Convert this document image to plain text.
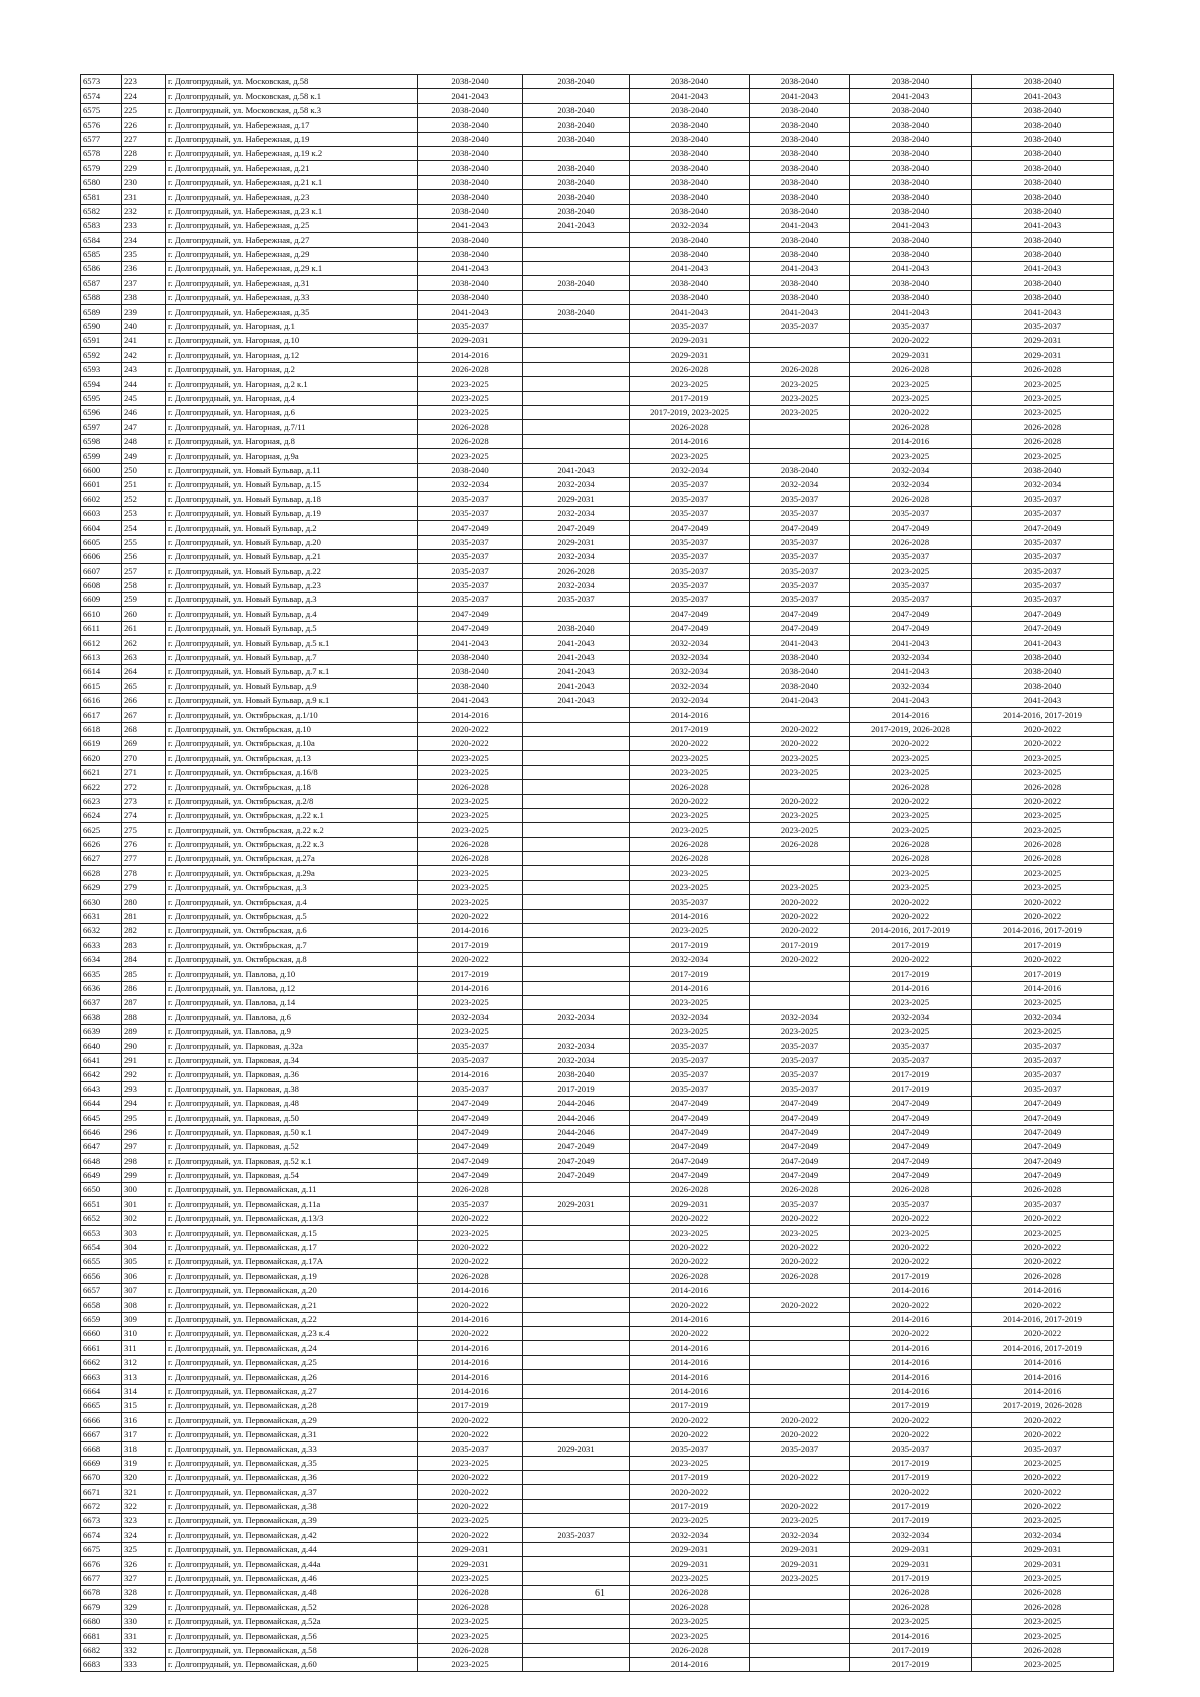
6573	223	г. Долгопрудный, ул. Московская, д.58	2038-2040	2038-2040	2038-2040	2038-2040	2038-2040	2038-2040
6574	224	г. Долгопрудный, ул. Московская, д.58 к.1	2041-2043		2041-2043	2041-2043	2041-2043	2041-2043
6575	225	г. Долгопрудный, ул. Московская, д.58 к.3	2038-2040	2038-2040	2038-2040	2038-2040	2038-2040	2038-2040
6576	226	г. Долгопрудный, ул. Набережная, д.17	2038-2040	2038-2040	2038-2040	2038-2040	2038-2040	2038-2040
6577	227	г. Долгопрудный, ул. Набережная, д.19	2038-2040	2038-2040	2038-2040	2038-2040	2038-2040	2038-2040
6578	228	г. Долгопрудный, ул. Набережная, д.19 к.2	2038-2040		2038-2040	2038-2040	2038-2040	2038-2040
6579	229	г. Долгопрудный, ул. Набережная, д.21	2038-2040	2038-2040	2038-2040	2038-2040	2038-2040	2038-2040
6580	230	г. Долгопрудный, ул. Набережная, д.21 к.1	2038-2040	2038-2040	2038-2040	2038-2040	2038-2040	2038-2040
6581	231	г. Долгопрудный, ул. Набережная, д.23	2038-2040	2038-2040	2038-2040	2038-2040	2038-2040	2038-2040
6582	232	г. Долгопрудный, ул. Набережная, д.23 к.1	2038-2040	2038-2040	2038-2040	2038-2040	2038-2040	2038-2040
6583	233	г. Долгопрудный, ул. Набережная, д.25	2041-2043	2041-2043	2032-2034	2041-2043	2041-2043	2041-2043
6584	234	г. Долгопрудный, ул. Набережная, д.27	2038-2040		2038-2040	2038-2040	2038-2040	2038-2040
6585	235	г. Долгопрудный, ул. Набережная, д.29	2038-2040		2038-2040	2038-2040	2038-2040	2038-2040
6586	236	г. Долгопрудный, ул. Набережная, д.29 к.1	2041-2043		2041-2043	2041-2043	2041-2043	2041-2043
6587	237	г. Долгопрудный, ул. Набережная, д.31	2038-2040	2038-2040	2038-2040	2038-2040	2038-2040	2038-2040
6588	238	г. Долгопрудный, ул. Набережная, д.33	2038-2040		2038-2040	2038-2040	2038-2040	2038-2040
6589	239	г. Долгопрудный, ул. Набережная, д.35	2041-2043	2038-2040	2041-2043	2041-2043	2041-2043	2041-2043
6590	240	г. Долгопрудный, ул. Нагорная, д.1	2035-2037		2035-2037	2035-2037	2035-2037	2035-2037
6591	241	г. Долгопрудный, ул. Нагорная, д.10	2029-2031		2029-2031		2020-2022	2029-2031
6592	242	г. Долгопрудный, ул. Нагорная, д.12	2014-2016		2029-2031		2029-2031	2029-2031
6593	243	г. Долгопрудный, ул. Нагорная, д.2	2026-2028		2026-2028	2026-2028	2026-2028	2026-2028
6594	244	г. Долгопрудный, ул. Нагорная, д.2 к.1	2023-2025		2023-2025	2023-2025	2023-2025	2023-2025
6595	245	г. Долгопрудный, ул. Нагорная, д.4	2023-2025		2017-2019	2023-2025	2023-2025	2023-2025
6596	246	г. Долгопрудный, ул. Нагорная, д.6	2023-2025		2017-2019, 2023-2025	2023-2025	2020-2022	2023-2025
6597	247	г. Долгопрудный, ул. Нагорная, д.7/11	2026-2028		2026-2028		2026-2028	2026-2028
6598	248	г. Долгопрудный, ул. Нагорная, д.8	2026-2028		2014-2016		2014-2016	2026-2028
6599	249	г. Долгопрудный, ул. Нагорная, д.9а	2023-2025		2023-2025		2023-2025	2023-2025
6600	250	г. Долгопрудный, ул. Новый Бульвар, д.11	2038-2040	2041-2043	2032-2034	2038-2040	2032-2034	2038-2040
6601	251	г. Долгопрудный, ул. Новый Бульвар, д.15	2032-2034	2032-2034	2035-2037	2032-2034	2032-2034	2032-2034
6602	252	г. Долгопрудный, ул. Новый Бульвар, д.18	2035-2037	2029-2031	2035-2037	2035-2037	2026-2028	2035-2037
6603	253	г. Долгопрудный, ул. Новый Бульвар, д.19	2035-2037	2032-2034	2035-2037	2035-2037	2035-2037	2035-2037
6604	254	г. Долгопрудный, ул. Новый Бульвар, д.2	2047-2049	2047-2049	2047-2049	2047-2049	2047-2049	2047-2049
6605	255	г. Долгопрудный, ул. Новый Бульвар, д.20	2035-2037	2029-2031	2035-2037	2035-2037	2026-2028	2035-2037
6606	256	г. Долгопрудный, ул. Новый Бульвар, д.21	2035-2037	2032-2034	2035-2037	2035-2037	2035-2037	2035-2037
6607	257	г. Долгопрудный, ул. Новый Бульвар, д.22	2035-2037	2026-2028	2035-2037	2035-2037	2023-2025	2035-2037
6608	258	г. Долгопрудный, ул. Новый Бульвар, д.23	2035-2037	2032-2034	2035-2037	2035-2037	2035-2037	2035-2037
6609	259	г. Долгопрудный, ул. Новый Бульвар, д.3	2035-2037	2035-2037	2035-2037	2035-2037	2035-2037	2035-2037
6610	260	г. Долгопрудный, ул. Новый Бульвар, д.4	2047-2049		2047-2049	2047-2049	2047-2049	2047-2049
6611	261	г. Долгопрудный, ул. Новый Бульвар, д.5	2047-2049	2038-2040	2047-2049	2047-2049	2047-2049	2047-2049
6612	262	г. Долгопрудный, ул. Новый Бульвар, д.5 к.1	2041-2043	2041-2043	2032-2034	2041-2043	2041-2043	2041-2043
6613	263	г. Долгопрудный, ул. Новый Бульвар, д.7	2038-2040	2041-2043	2032-2034	2038-2040	2032-2034	2038-2040
6614	264	г. Долгопрудный, ул. Новый Бульвар, д.7 к.1	2038-2040	2041-2043	2032-2034	2038-2040	2041-2043	2038-2040
6615	265	г. Долгопрудный, ул. Новый Бульвар, д.9	2038-2040	2041-2043	2032-2034	2038-2040	2032-2034	2038-2040
6616	266	г. Долгопрудный, ул. Новый Бульвар, д.9 к.1	2041-2043	2041-2043	2032-2034	2041-2043	2041-2043	2041-2043
6617	267	г. Долгопрудный, ул. Октябрьская, д.1/10	2014-2016		2014-2016		2014-2016	2014-2016, 2017-2019
6618	268	г. Долгопрудный, ул. Октябрьская, д.10	2020-2022		2017-2019	2020-2022	2017-2019, 2026-2028	2020-2022
6619	269	г. Долгопрудный, ул. Октябрьская, д.10а	2020-2022		2020-2022	2020-2022	2020-2022	2020-2022
6620	270	г. Долгопрудный, ул. Октябрьская, д.13	2023-2025		2023-2025	2023-2025	2023-2025	2023-2025
6621	271	г. Долгопрудный, ул. Октябрьская, д.16/8	2023-2025		2023-2025	2023-2025	2023-2025	2023-2025
6622	272	г. Долгопрудный, ул. Октябрьская, д.18	2026-2028		2026-2028		2026-2028	2026-2028
6623	273	г. Долгопрудный, ул. Октябрьская, д.2/8	2023-2025		2020-2022	2020-2022	2020-2022	2020-2022
6624	274	г. Долгопрудный, ул. Октябрьская, д.22 к.1	2023-2025		2023-2025	2023-2025	2023-2025	2023-2025
6625	275	г. Долгопрудный, ул. Октябрьская, д.22 к.2	2023-2025		2023-2025	2023-2025	2023-2025	2023-2025
6626	276	г. Долгопрудный, ул. Октябрьская, д.22 к.3	2026-2028		2026-2028	2026-2028	2026-2028	2026-2028
6627	277	г. Долгопрудный, ул. Октябрьская, д.27а	2026-2028		2026-2028		2026-2028	2026-2028
6628	278	г. Долгопрудный, ул. Октябрьская, д.29а	2023-2025		2023-2025		2023-2025	2023-2025
6629	279	г. Долгопрудный, ул. Октябрьская, д.3	2023-2025		2023-2025	2023-2025	2023-2025	2023-2025
6630	280	г. Долгопрудный, ул. Октябрьская, д.4	2023-2025		2035-2037	2020-2022	2020-2022	2020-2022
6631	281	г. Долгопрудный, ул. Октябрьская, д.5	2020-2022		2014-2016	2020-2022	2020-2022	2020-2022
6632	282	г. Долгопрудный, ул. Октябрьская, д.6	2014-2016		2023-2025	2020-2022	2014-2016, 2017-2019	2014-2016, 2017-2019
6633	283	г. Долгопрудный, ул. Октябрьская, д.7	2017-2019		2017-2019	2017-2019	2017-2019	2017-2019
6634	284	г. Долгопрудный, ул. Октябрьская, д.8	2020-2022		2032-2034	2020-2022	2020-2022	2020-2022
6635	285	г. Долгопрудный, ул. Павлова, д.10	2017-2019		2017-2019		2017-2019	2017-2019
6636	286	г. Долгопрудный, ул. Павлова, д.12	2014-2016		2014-2016		2014-2016	2014-2016
6637	287	г. Долгопрудный, ул. Павлова, д.14	2023-2025		2023-2025		2023-2025	2023-2025
6638	288	г. Долгопрудный, ул. Павлова, д.6	2032-2034	2032-2034	2032-2034	2032-2034	2032-2034	2032-2034
6639	289	г. Долгопрудный, ул. Павлова, д.9	2023-2025		2023-2025	2023-2025	2023-2025	2023-2025
6640	290	г. Долгопрудный, ул. Парковая, д.32а	2035-2037	2032-2034	2035-2037	2035-2037	2035-2037	2035-2037
6641	291	г. Долгопрудный, ул. Парковая, д.34	2035-2037	2032-2034	2035-2037	2035-2037	2035-2037	2035-2037
6642	292	г. Долгопрудный, ул. Парковая, д.36	2014-2016	2038-2040	2035-2037	2035-2037	2017-2019	2035-2037
6643	293	г. Долгопрудный, ул. Парковая, д.38	2035-2037	2017-2019	2035-2037	2035-2037	2017-2019	2035-2037
6644	294	г. Долгопрудный, ул. Парковая, д.48	2047-2049	2044-2046	2047-2049	2047-2049	2047-2049	2047-2049
6645	295	г. Долгопрудный, ул. Парковая, д.50	2047-2049	2044-2046	2047-2049	2047-2049	2047-2049	2047-2049
6646	296	г. Долгопрудный, ул. Парковая, д.50 к.1	2047-2049	2044-2046	2047-2049	2047-2049	2047-2049	2047-2049
6647	297	г. Долгопрудный, ул. Парковая, д.52	2047-2049	2047-2049	2047-2049	2047-2049	2047-2049	2047-2049
6648	298	г. Долгопрудный, ул. Парковая, д.52 к.1	2047-2049	2047-2049	2047-2049	2047-2049	2047-2049	2047-2049
6649	299	г. Долгопрудный, ул. Парковая, д.54	2047-2049	2047-2049	2047-2049	2047-2049	2047-2049	2047-2049
6650	300	г. Долгопрудный, ул. Первомайская, д.11	2026-2028		2026-2028	2026-2028	2026-2028	2026-2028
6651	301	г. Долгопрудный, ул. Первомайская, д.11а	2035-2037	2029-2031	2029-2031	2035-2037	2035-2037	2035-2037
6652	302	г. Долгопрудный, ул. Первомайская, д.13/3	2020-2022		2020-2022	2020-2022	2020-2022	2020-2022
6653	303	г. Долгопрудный, ул. Первомайская, д.15	2023-2025		2023-2025	2023-2025	2023-2025	2023-2025
6654	304	г. Долгопрудный, ул. Первомайская, д.17	2020-2022		2020-2022	2020-2022	2020-2022	2020-2022
6655	305	г. Долгопрудный, ул. Первомайская, д.17А	2020-2022		2020-2022	2020-2022	2020-2022	2020-2022
6656	306	г. Долгопрудный, ул. Первомайская, д.19	2026-2028		2026-2028	2026-2028	2017-2019	2026-2028
6657	307	г. Долгопрудный, ул. Первомайская, д.20	2014-2016		2014-2016		2014-2016	2014-2016
6658	308	г. Долгопрудный, ул. Первомайская, д.21	2020-2022		2020-2022	2020-2022	2020-2022	2020-2022
6659	309	г. Долгопрудный, ул. Первомайская, д.22	2014-2016		2014-2016		2014-2016	2014-2016, 2017-2019
6660	310	г. Долгопрудный, ул. Первомайская, д.23 к.4	2020-2022		2020-2022		2020-2022	2020-2022
6661	311	г. Долгопрудный, ул. Первомайская, д.24	2014-2016		2014-2016		2014-2016	2014-2016, 2017-2019
6662	312	г. Долгопрудный, ул. Первомайская, д.25	2014-2016		2014-2016		2014-2016	2014-2016
6663	313	г. Долгопрудный, ул. Первомайская, д.26	2014-2016		2014-2016		2014-2016	2014-2016
6664	314	г. Долгопрудный, ул. Первомайская, д.27	2014-2016		2014-2016		2014-2016	2014-2016
6665	315	г. Долгопрудный, ул. Первомайская, д.28	2017-2019		2017-2019		2017-2019	2017-2019, 2026-2028
6666	316	г. Долгопрудный, ул. Первомайская, д.29	2020-2022		2020-2022	2020-2022	2020-2022	2020-2022
6667	317	г. Долгопрудный, ул. Первомайская, д.31	2020-2022		2020-2022	2020-2022	2020-2022	2020-2022
6668	318	г. Долгопрудный, ул. Первомайская, д.33	2035-2037	2029-2031	2035-2037	2035-2037	2035-2037	2035-2037
6669	319	г. Долгопрудный, ул. Первомайская, д.35	2023-2025		2023-2025		2017-2019	2023-2025
6670	320	г. Долгопрудный, ул. Первомайская, д.36	2020-2022		2017-2019	2020-2022	2017-2019	2020-2022
6671	321	г. Долгопрудный, ул. Первомайская, д.37	2020-2022		2020-2022		2020-2022	2020-2022
6672	322	г. Долгопрудный, ул. Первомайская, д.38	2020-2022		2017-2019	2020-2022	2017-2019	2020-2022
6673	323	г. Долгопрудный, ул. Первомайская, д.39	2023-2025		2023-2025	2023-2025	2017-2019	2023-2025
6674	324	г. Долгопрудный, ул. Первомайская, д.42	2020-2022	2035-2037	2032-2034	2032-2034	2032-2034	2032-2034
6675	325	г. Долгопрудный, ул. Первомайская, д.44	2029-2031		2029-2031	2029-2031	2029-2031	2029-2031
6676	326	г. Долгопрудный, ул. Первомайская, д.44а	2029-2031		2029-2031	2029-2031	2029-2031	2029-2031
6677	327	г. Долгопрудный, ул. Первомайская, д.46	2023-2025		2023-2025	2023-2025	2017-2019	2023-2025
6678	328	г. Долгопрудный, ул. Первомайская, д.48	2026-2028		2026-2028		2026-2028	2026-2028
6679	329	г. Долгопрудный, ул. Первомайская, д.52	2026-2028		2026-2028		2026-2028	2026-2028
6680	330	г. Долгопрудный, ул. Первомайская, д.52а	2023-2025		2023-2025		2023-2025	2023-2025
6681	331	г. Долгопрудный, ул. Первомайская, д.56	2023-2025		2023-2025		2014-2016	2023-2025
6682	332	г. Долгопрудный, ул. Первомайская, д.58	2026-2028		2026-2028		2017-2019	2026-2028
6683	333	г. Долгопрудный, ул. Первомайская, д.60	2023-2025		2014-2016		2017-2019	2023-2025
61
